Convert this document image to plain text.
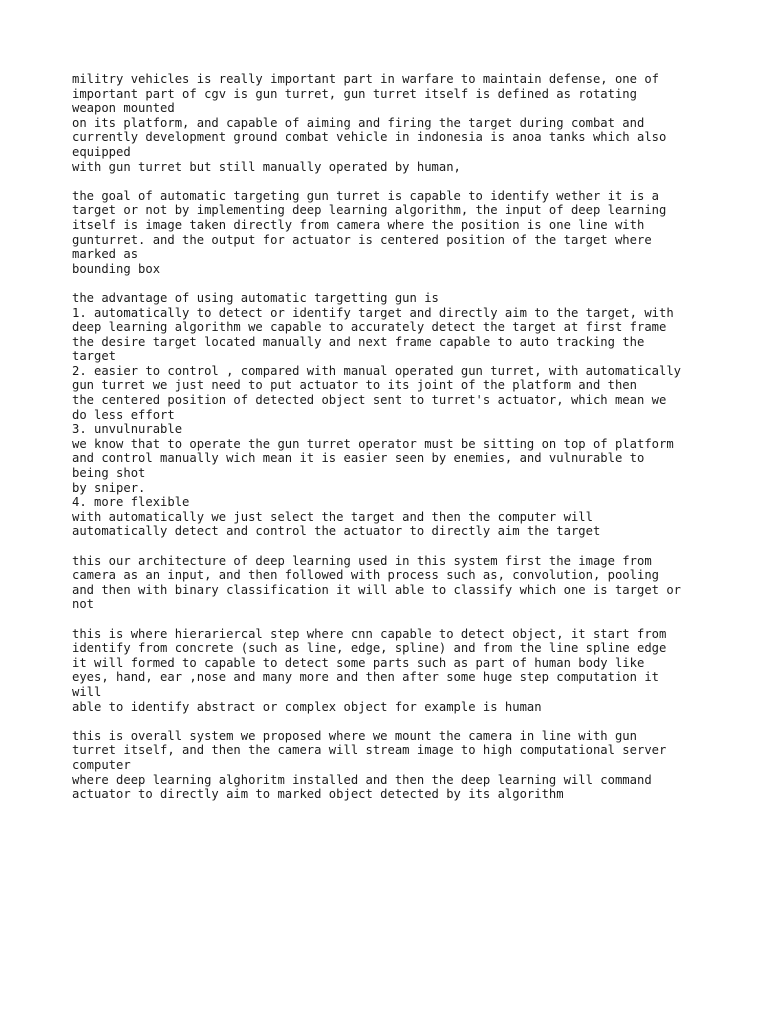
militry vehicles is really important part in warfare to maintain defense, one of
important part of cgv is gun turret, gun turret itself is defined as rotating
weapon mounted
on its platform, and capable of aiming and firing the target during combat and
currently development ground combat vehicle in indonesia is anoa tanks which also
equipped
with gun turret but still manually operated by human,
the goal of automatic targeting gun turret is capable to identify wether it is a
target or not by implementing deep learning algorithm, the input of deep learning
itself is image taken directly from camera where the position is one line with
gunturret. and the output for actuator is centered position of the target where
marked as
bounding box
the advantage of using automatic targetting gun is
1. automatically to detect or identify target and directly aim to the target, with
deep learning algorithm we capable to accurately detect the target at first frame
the desire target located manually and next frame capable to auto tracking the
target
2. easier to control , compared with manual operated gun turret, with automatically
gun turret we just need to put actuator to its joint of the platform and then
the centered position of detected object sent to turret's actuator, which mean we
do less effort
3. unvulnurable
we know that to operate the gun turret operator must be sitting on top of platform
and control manually wich mean it is easier seen by enemies, and vulnurable to
being shot
by sniper.
4. more flexible
with automatically we just select the target and then the computer will
automatically detect and control the actuator to directly aim the target
this our architecture of deep learning used in this system first the image from
camera as an input, and then followed with process such as, convolution, pooling
and then with binary classification it will able to classify which one is target or
not
this is where hierariercal step where cnn capable to detect object, it start from
identify from concrete (such as line, edge, spline) and from the line spline edge
it will formed to capable to detect some parts such as part of human body like
eyes, hand, ear ,nose and many more and then after some huge step computation it
will
able to identify abstract or complex object for example is human
this is overall system we proposed where we mount the camera in line with gun
turret itself, and then the camera will stream image to high computational server
computer
where deep learning alghoritm installed and then the deep learning will command
actuator to directly aim to marked object detected by its algorithm
